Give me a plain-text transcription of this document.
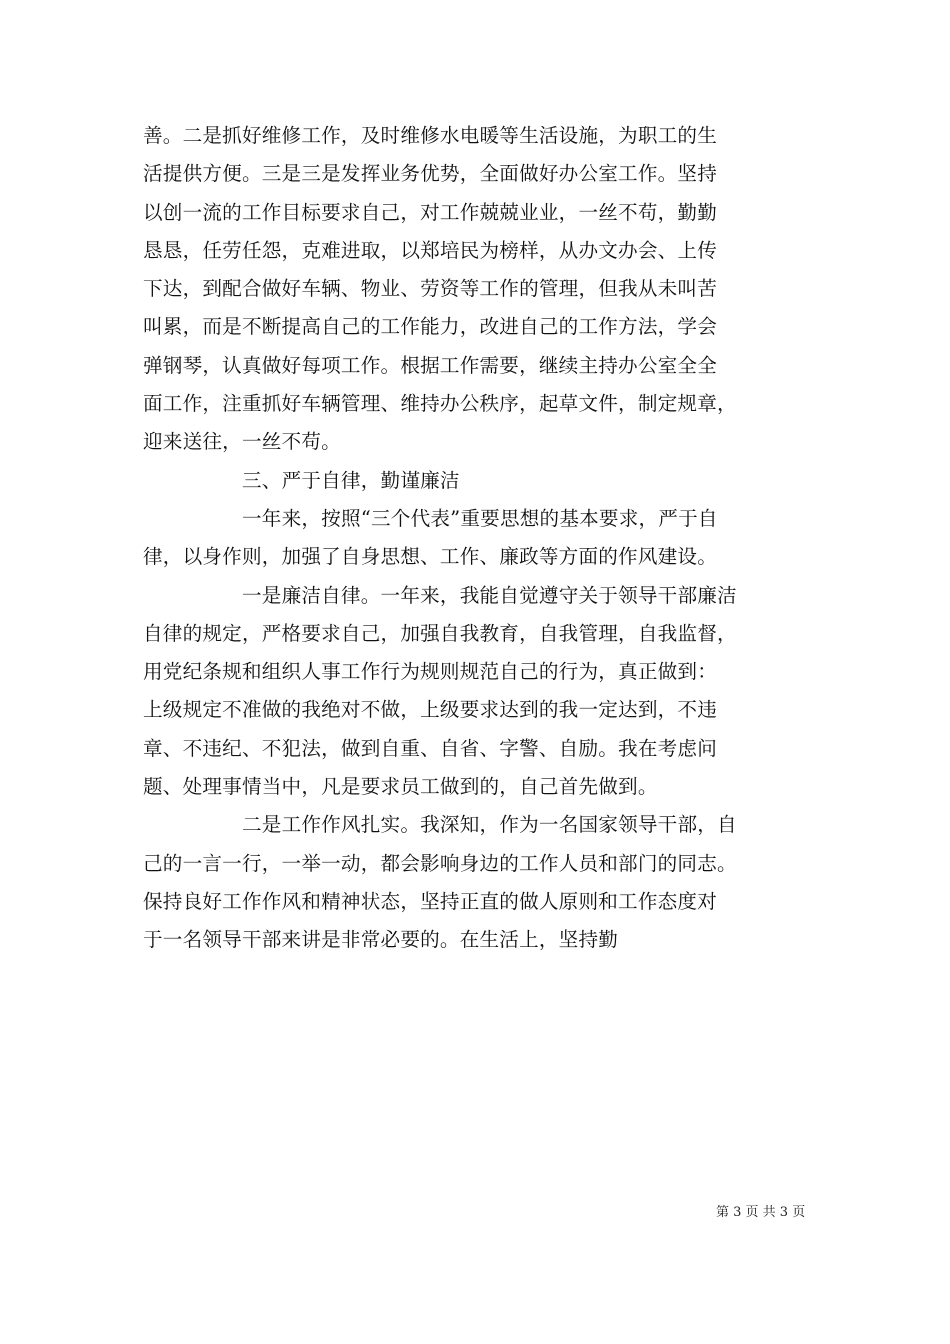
善。二是抓好维修工作，及时维修水电暖等生活设施，为职工的生
活提供方便。三是三是发挥业务优势，全面做好办公室工作。坚持
以创一流的工作目标要求自己，对工作兢兢业业，一丝不苟，勤勤
恳恳，任劳任怨，克难进取，以郑培民为榜样，从办文办会、上传
下达，到配合做好车辆、物业、劳资等工作的管理，但我从未叫苦
叫累，而是不断提高自己的工作能力，改进自己的工作方法，学会
弹钢琴，认真做好每项工作。根据工作需要，继续主持办公室全全
面工作，注重抓好车辆管理、维持办公秩序，起草文件，制定规章，
迎来送往，一丝不苟。
三、严于自律，勤谨廉洁
一年来，按照“三个代表”重要思想的基本要求，严于自
律，以身作则，加强了自身思想、工作、廉政等方面的作风建设。
一是廉洁自律。一年来，我能自觉遵守关于领导干部廉洁
自律的规定，严格要求自己，加强自我教育，自我管理，自我监督，
用党纪条规和组织人事工作行为规则规范自己的行为，真正做到：
上级规定不准做的我绝对不做，上级要求达到的我一定达到，不违
章、不违纪、不犯法，做到自重、自省、字警、自励。我在考虑问
题、处理事情当中，凡是要求员工做到的，自己首先做到。
二是工作作风扎实。我深知，作为一名国家领导干部，自
己的一言一行，一举一动，都会影响身边的工作人员和部门的同志。
保持良好工作作风和精神状态，坚持正直的做人原则和工作态度对
于一名领导干部来讲是非常必要的。在生活上，坚持勤
第 3 页 共 3 页
